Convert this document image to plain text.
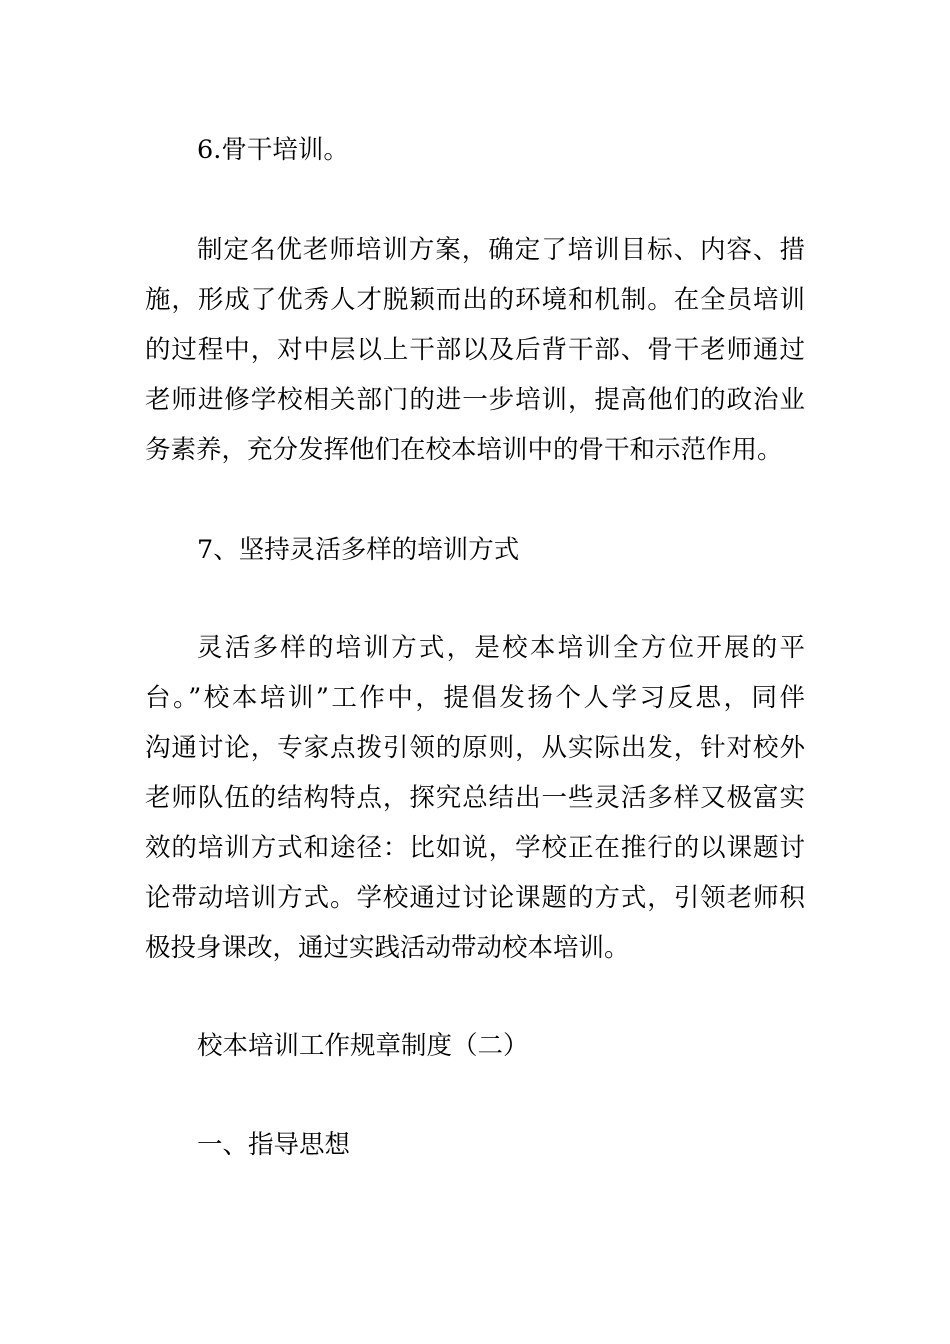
6.骨干培训。
制定名优老师培训方案，确定了培训目标、内容、措
施，形成了优秀人才脱颖而出的环境和机制。在全员培训
的过程中，对中层以上干部以及后背干部、骨干老师通过
老师进修学校相关部门的进一步培训，提高他们的政治业
务素养，充分发挥他们在校本培训中的骨干和示范作用。
7、坚持灵活多样的培训方式
灵活多样的培训方式，是校本培训全方位开展的平
台。”校本培训”工作中，提倡发扬个人学习反思，同伴
沟通讨论，专家点拨引领的原则，从实际出发，针对校外
老师队伍的结构特点，探究总结出一些灵活多样又极富实
效的培训方式和途径：比如说，学校正在推行的以课题讨
论带动培训方式。学校通过讨论课题的方式，引领老师积
极投身课改，通过实践活动带动校本培训。
校本培训工作规章制度（二）
一、指导思想
